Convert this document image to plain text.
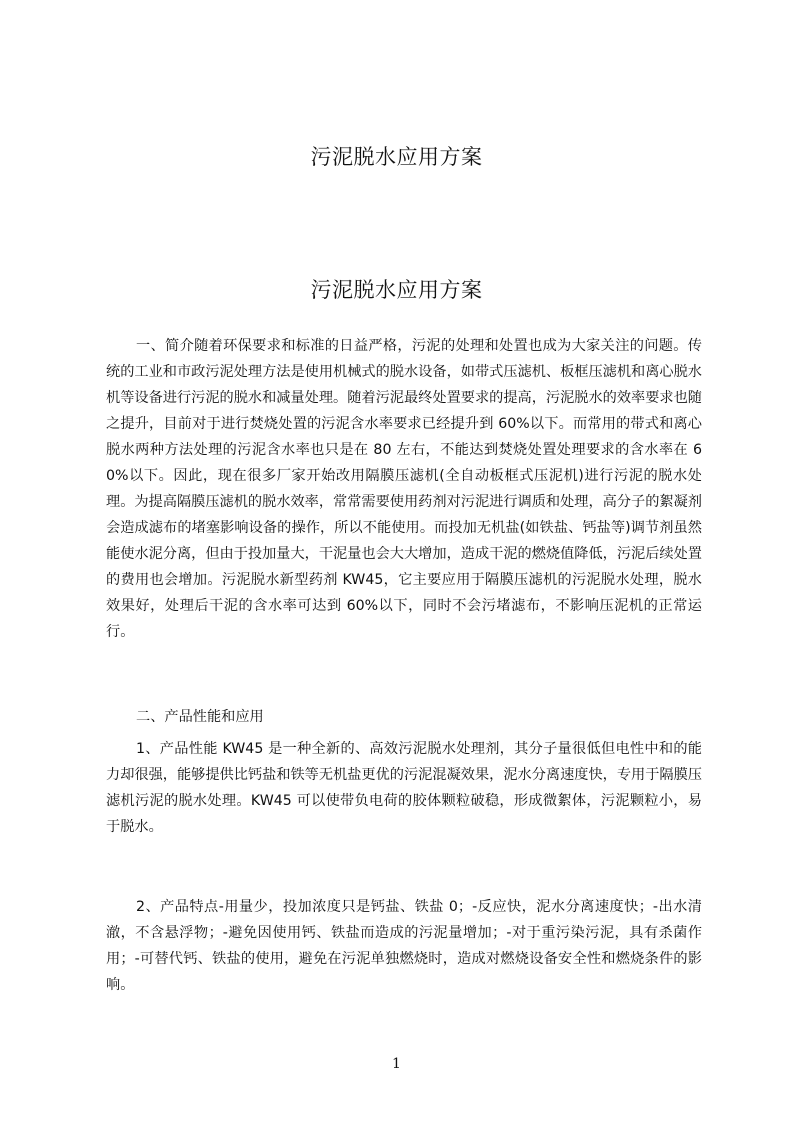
污泥脱水应用方案
污泥脱水应用方案

一、简介随着环保要求和标准的日益严格，污泥的处理和处置也成为大家关注的问题。传统的工业和市政污泥处理方法是使用机械式的脱水设备，如带式压滤机、板框压滤机和离心脱水机等设备进行污泥的脱水和减量处理。随着污泥最终处置要求的提高，污泥脱水的效率要求也随之提升，目前对于进行焚烧处置的污泥含水率要求已经提升到 60%以下。而常用的带式和离心脱水两种方法处理的污泥含水率也只是在 80 左右，不能达到焚烧处置处理要求的含水率在 60%以下。因此，现在很多厂家开始改用隔膜压滤机(全自动板框式压泥机)进行污泥的脱水处理。为提高隔膜压滤机的脱水效率，常常需要使用药剂对污泥进行调质和处理，高分子的絮凝剂会造成滤布的堵塞影响设备的操作，所以不能使用。而投加无机盐(如铁盐、钙盐等)调节剂虽然能使水泥分离，但由于投加量大，干泥量也会大大增加，造成干泥的燃烧值降低，污泥后续处置的费用也会增加。污泥脱水新型药剂 KW45，它主要应用于隔膜压滤机的污泥脱水处理，脱水效果好，处理后干泥的含水率可达到 60%以下，同时不会污堵滤布，不影响压泥机的正常运行。

二、产品性能和应用

1、产品性能 KW45 是一种全新的、高效污泥脱水处理剂，其分子量很低但电性中和的能力却很强，能够提供比钙盐和铁等无机盐更优的污泥混凝效果，泥水分离速度快，专用于隔膜压滤机污泥的脱水处理。KW45 可以使带负电荷的胶体颗粒破稳，形成微絮体，污泥颗粒小，易于脱水。

2、产品特点-用量少，投加浓度只是钙盐、铁盐 0；-反应快，泥水分离速度快；-出水清澈，不含悬浮物；-避免因使用钙、铁盐而造成的污泥量增加；-对于重污染污泥，具有杀菌作用；-可替代钙、铁盐的使用，避免在污泥单独燃烧时，造成对燃烧设备安全性和燃烧条件的影响。

1
